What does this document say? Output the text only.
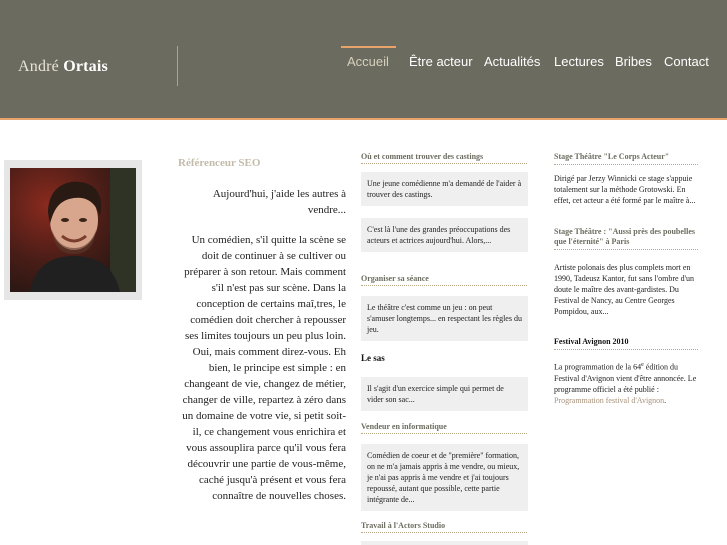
André Ortais	Accueil Être acteur Actualités Lectures Bribes Contact
Référenceur SEO

Aujourd'hui, j'aide les autres à vendre...

Un comédien, s'il quitte la scène se doit de continuer à se cultiver ou préparer à son retour. Mais comment s'il n'est pas sur scène. Dans la conception de certains maî,tres, le comédien doit chercher à repousser ses limites toujours un peu plus loin. Oui, mais comment direz-vous. Eh bien, le principe est simple : en changeant de vie, changez de métier, changer de ville, repartez à zéro dans un domaine de votre vie, si petit soit-il, ce changement vous enrichira et vous assouplira parce qu'il vous fera découvrir une partie de vous-même, caché jusqu'à présent et vous fera connaître de nouvelles choses.

Où et comment trouver des castings
Une jeune comédienne m'a demandé de l'aider à trouver des castings.
C'est là l'une des grandes préoccupations des acteurs et actrices aujourd'hui. Alors,...
Organiser sa séance
Le théâtre c'est comme un jeu : on peut s'amuser longtemps... en respectant les règles du jeu.
Le sas
Il s'agit d'un exercice simple qui permet de vider son sac...
Vendeur en informatique
Comédien de coeur et de "première" formation, on ne m'a jamais appris à me vendre, ou mieux, je n'ai pas appris à me vendre et j'ai toujours repoussé, autant que possible, cette partie intégrante de...
Travail à l'Actors Studio
Stage Théâtre "Le Corps Acteur"
Dirigé par Jerzy Winnicki ce stage s'appuie totalement sur la méthode Grotowski. En effet, cet acteur a été formé par le maître à...
Stage Théâtre : "Aussi près des poubelles que l'éternité" à Paris
Artiste polonais des plus complets mort en 1990, Tadeusz Kantor, fut sans l'ombre d'un doute le maître des avant-gardistes. Du Festival de Nancy, au Centre Georges Pompidou, aux...
Festival Avignon 2010
La programmation de la 64e édition du Festival d'Avignon vient d'être annoncée. Le programme officiel a été publié : Programmation festival d'Avignon.
